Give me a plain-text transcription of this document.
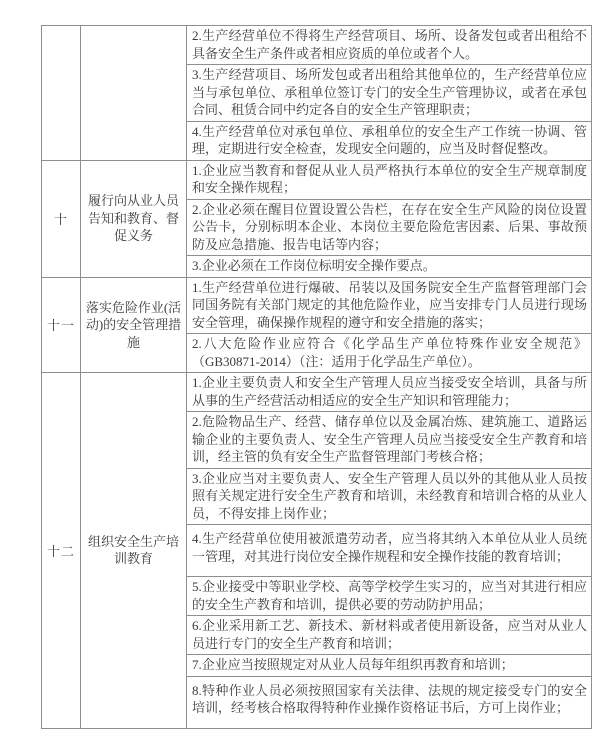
2.生产经营单位不得将生产经营项目、场所、设备发包或者出租给不具备安全生产条件或者相应资质的单位或者个人。
3.生产经营项目、场所发包或者出租给其他单位的，生产经营单位应当与承包单位、承租单位签订专门的安全生产管理协议，或者在承包合同、租赁合同中约定各自的安全生产管理职责；
4.生产经营单位对承包单位、承租单位的安全生产工作统一协调、管理，定期进行安全检查，发现安全问题的，应当及时督促整改。
十
履行向从业人员告知和教育、督促义务
1.企业应当教育和督促从业人员严格执行本单位的安全生产规章制度和安全操作规程；
2.企业必须在醒目位置设置公告栏，在存在安全生产风险的岗位设置公告卡，分别标明本企业、本岗位主要危险危害因素、后果、事故预防及应急措施、报告电话等内容；
3.企业必须在工作岗位标明安全操作要点。
十一
落实危险作业(活动)的安全管理措施
1.生产经营单位进行爆破、吊装以及国务院安全生产监督管理部门会同国务院有关部门规定的其他危险作业，应当安排专门人员进行现场安全管理，确保操作规程的遵守和安全措施的落实；
2.八大危险作业应符合《化学品生产单位特殊作业安全规范》（GB30871-2014）（注：适用于化学品生产单位）。
十二
组织安全生产培训教育
1.企业主要负责人和安全生产管理人员应当接受安全培训，具备与所从事的生产经营活动相适应的安全生产知识和管理能力；
2.危险物品生产、经营、储存单位以及金属冶炼、建筑施工、道路运输企业的主要负责人、安全生产管理人员应当接受安全生产教育和培训，经主管的负有安全生产监督管理部门考核合格；
3.企业应当对主要负责人、安全生产管理人员以外的其他从业人员按照有关规定进行安全生产教育和培训，未经教育和培训合格的从业人员，不得安排上岗作业；
4.生产经营单位使用被派遣劳动者，应当将其纳入本单位从业人员统一管理，对其进行岗位安全操作规程和安全操作技能的教育培训；
5.企业接受中等职业学校、高等学校学生实习的，应当对其进行相应的安全生产教育和培训，提供必要的劳动防护用品；
6.企业采用新工艺、新技术、新材料或者使用新设备，应当对从业人员进行专门的安全生产教育和培训；
7.企业应当按照规定对从业人员每年组织再教育和培训；
8.特种作业人员必须按照国家有关法律、法规的规定接受专门的安全培训，经考核合格取得特种作业操作资格证书后，方可上岗作业；
